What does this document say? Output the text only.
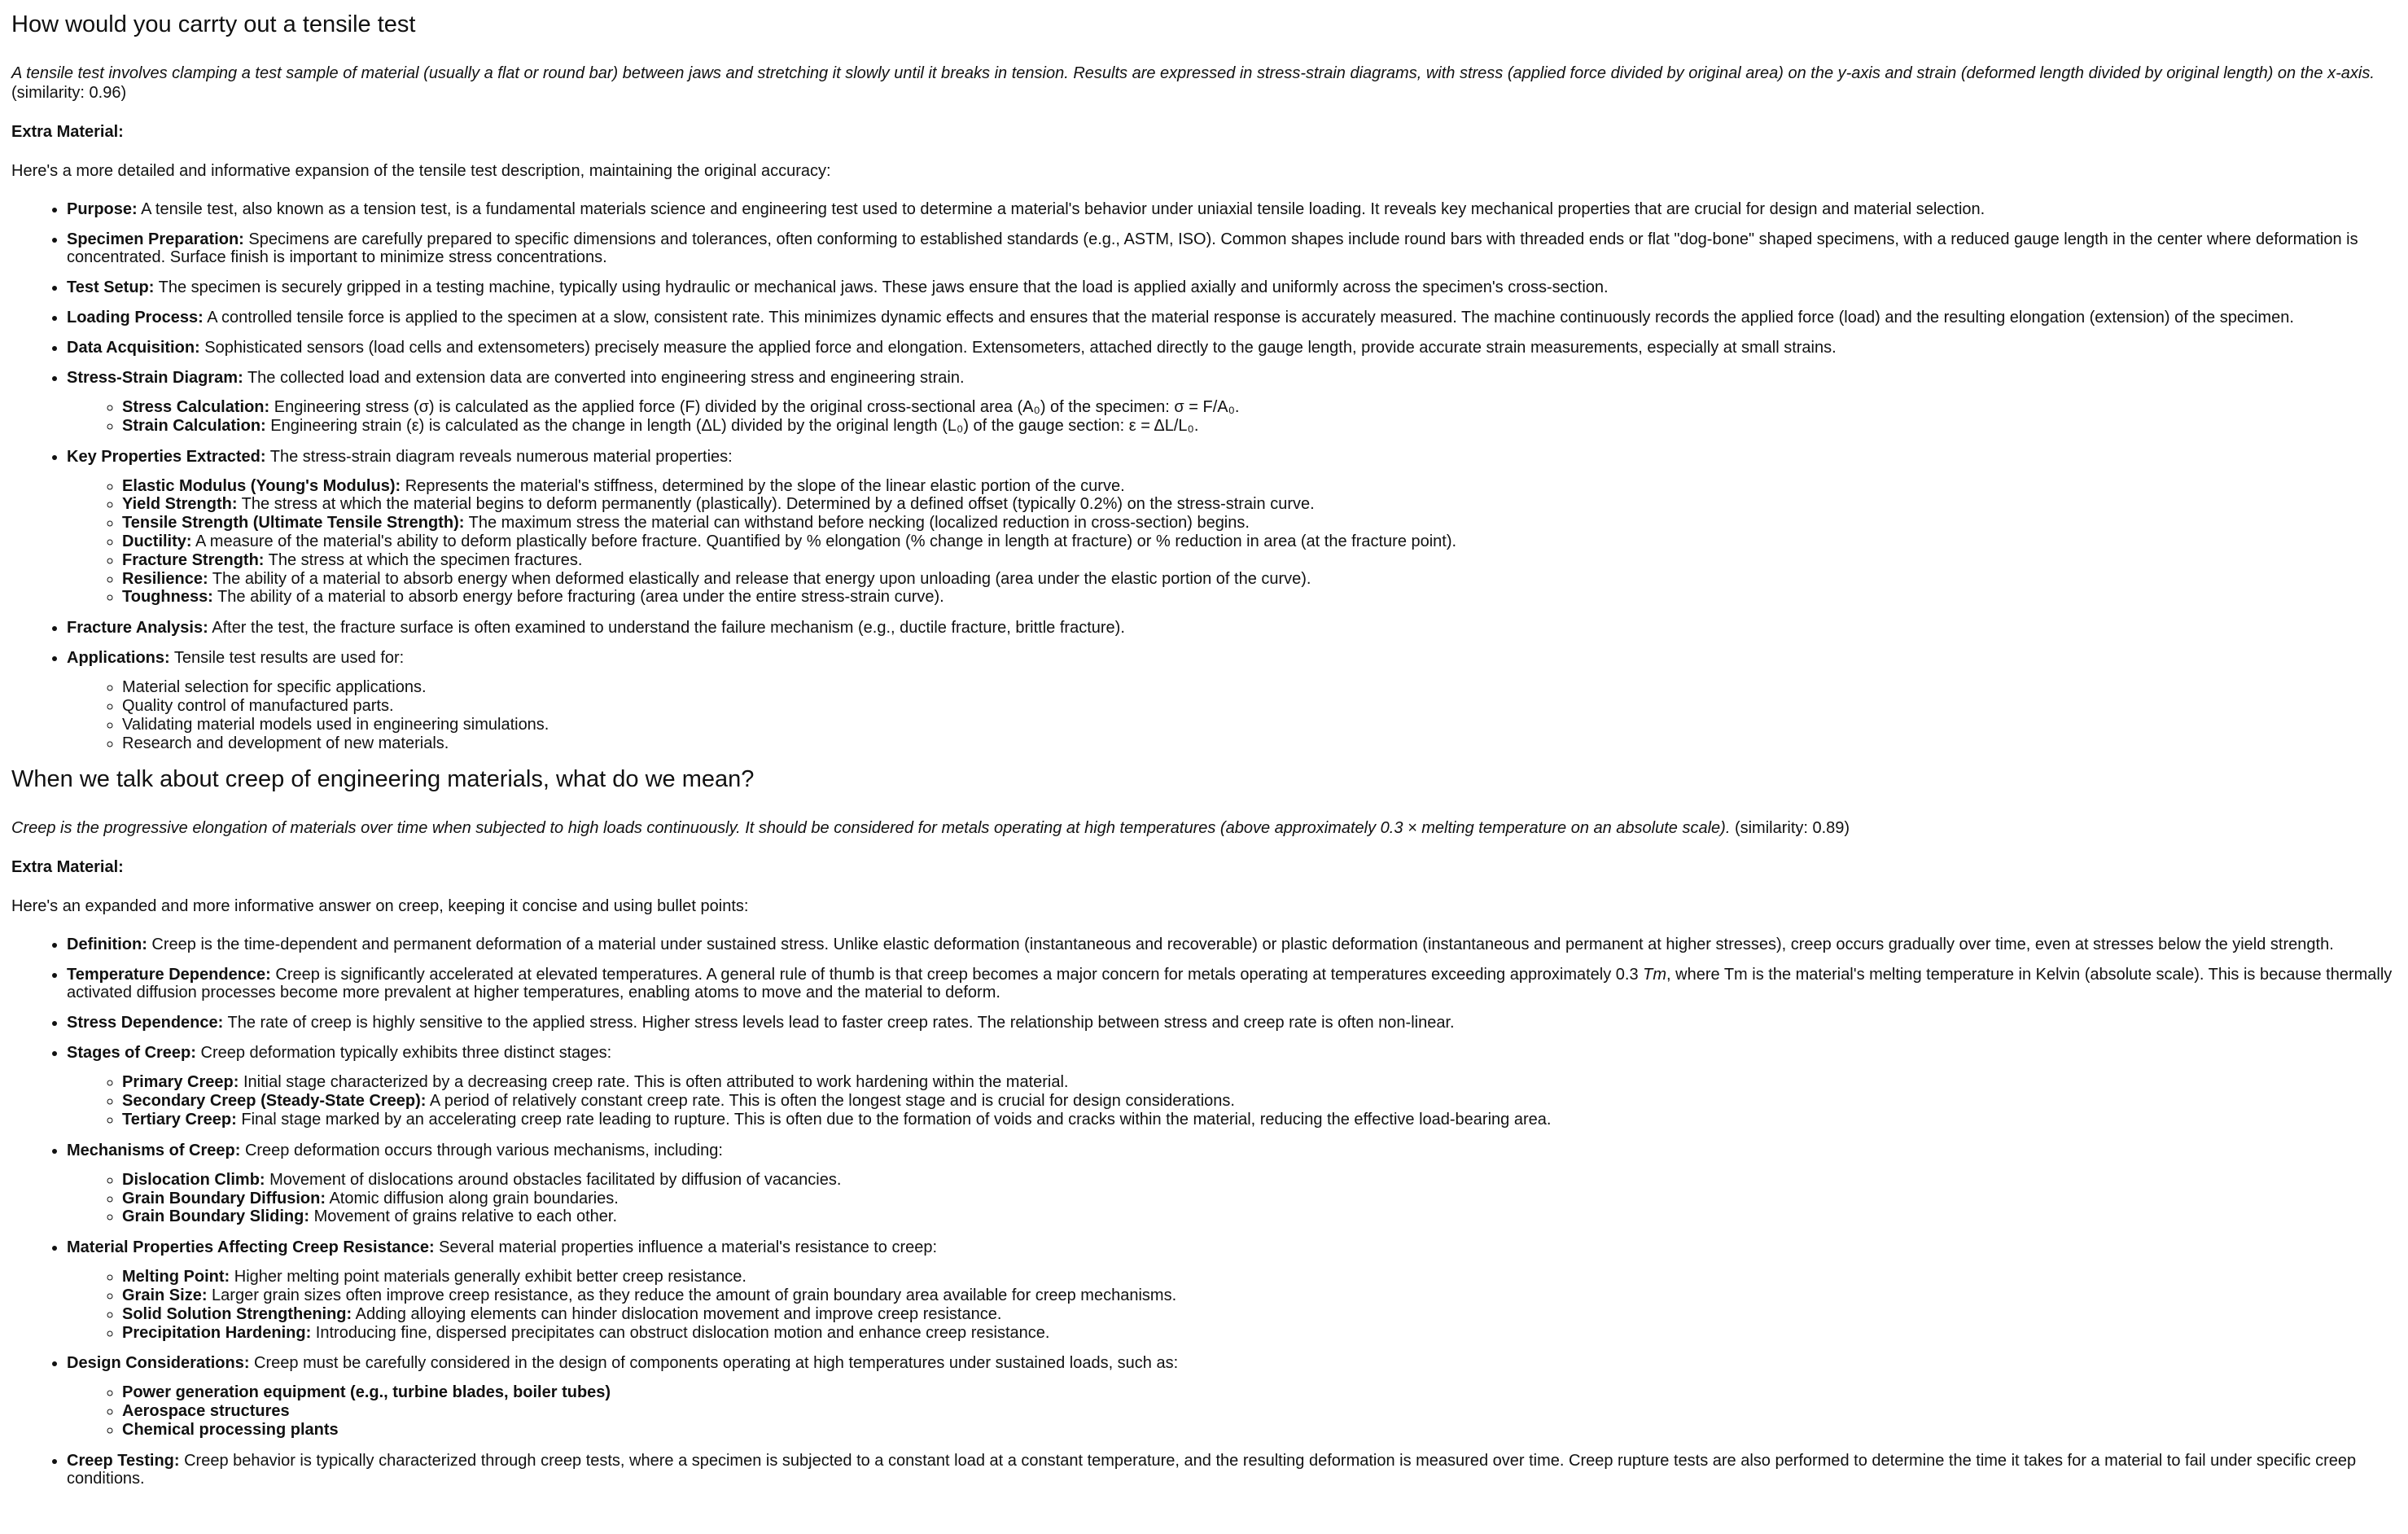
How would you carrty out a tensile test

A tensile test involves clamping a test sample of material (usually a flat or round bar) between jaws and stretching it slowly until it breaks in tension. Results are expressed in stress-strain diagrams, with stress (applied force divided by original area) on the y-axis and strain (deformed length divided by original length) on the x-axis. (similarity: 0.96)

Extra Material:

Here's a more detailed and informative expansion of the tensile test description, maintaining the original accuracy:

• Purpose: A tensile test, also known as a tension test, is a fundamental materials science and engineering test used to determine a material's behavior under uniaxial tensile loading. It reveals key mechanical properties that are crucial for design and material selection.
• Specimen Preparation: Specimens are carefully prepared to specific dimensions and tolerances, often conforming to established standards (e.g., ASTM, ISO). Common shapes include round bars with threaded ends or flat "dog-bone" shaped specimens, with a reduced gauge length in the center where deformation is concentrated. Surface finish is important to minimize stress concentrations.
• Test Setup: The specimen is securely gripped in a testing machine, typically using hydraulic or mechanical jaws. These jaws ensure that the load is applied axially and uniformly across the specimen's cross-section.
• Loading Process: A controlled tensile force is applied to the specimen at a slow, consistent rate. This minimizes dynamic effects and ensures that the material response is accurately measured. The machine continuously records the applied force (load) and the resulting elongation (extension) of the specimen.
• Data Acquisition: Sophisticated sensors (load cells and extensometers) precisely measure the applied force and elongation. Extensometers, attached directly to the gauge length, provide accurate strain measurements, especially at small strains.
• Stress-Strain Diagram: The collected load and extension data are converted into engineering stress and engineering strain.
◦ Stress Calculation: Engineering stress (σ) is calculated as the applied force (F) divided by the original cross-sectional area (A₀) of the specimen: σ = F/A₀.
◦ Strain Calculation: Engineering strain (ε) is calculated as the change in length (ΔL) divided by the original length (L₀) of the gauge section: ε = ΔL/L₀.
• Key Properties Extracted: The stress-strain diagram reveals numerous material properties:
◦ Elastic Modulus (Young's Modulus): Represents the material's stiffness, determined by the slope of the linear elastic portion of the curve.
◦ Yield Strength: The stress at which the material begins to deform permanently (plastically). Determined by a defined offset (typically 0.2%) on the stress-strain curve.
◦ Tensile Strength (Ultimate Tensile Strength): The maximum stress the material can withstand before necking (localized reduction in cross-section) begins.
◦ Ductility: A measure of the material's ability to deform plastically before fracture. Quantified by % elongation (% change in length at fracture) or % reduction in area (at the fracture point).
◦ Fracture Strength: The stress at which the specimen fractures.
◦ Resilience: The ability of a material to absorb energy when deformed elastically and release that energy upon unloading (area under the elastic portion of the curve).
◦ Toughness: The ability of a material to absorb energy before fracturing (area under the entire stress-strain curve).
• Fracture Analysis: After the test, the fracture surface is often examined to understand the failure mechanism (e.g., ductile fracture, brittle fracture).
• Applications: Tensile test results are used for:
◦ Material selection for specific applications.
◦ Quality control of manufactured parts.
◦ Validating material models used in engineering simulations.
◦ Research and development of new materials.
When we talk about creep of engineering materials, what do we mean?

Creep is the progressive elongation of materials over time when subjected to high loads continuously. It should be considered for metals operating at high temperatures (above approximately 0.3 × melting temperature on an absolute scale). (similarity: 0.89)

Extra Material:

Here's an expanded and more informative answer on creep, keeping it concise and using bullet points:

• Definition: Creep is the time-dependent and permanent deformation of a material under sustained stress. Unlike elastic deformation (instantaneous and recoverable) or plastic deformation (instantaneous and permanent at higher stresses), creep occurs gradually over time, even at stresses below the yield strength.
• Temperature Dependence: Creep is significantly accelerated at elevated temperatures. A general rule of thumb is that creep becomes a major concern for metals operating at temperatures exceeding approximately 0.3 Tm, where Tm is the material's melting temperature in Kelvin (absolute scale). This is because thermally activated diffusion processes become more prevalent at higher temperatures, enabling atoms to move and the material to deform.
• Stress Dependence: The rate of creep is highly sensitive to the applied stress. Higher stress levels lead to faster creep rates. The relationship between stress and creep rate is often non-linear.
• Stages of Creep: Creep deformation typically exhibits three distinct stages:
◦ Primary Creep: Initial stage characterized by a decreasing creep rate. This is often attributed to work hardening within the material.
◦ Secondary Creep (Steady-State Creep): A period of relatively constant creep rate. This is often the longest stage and is crucial for design considerations.
◦ Tertiary Creep: Final stage marked by an accelerating creep rate leading to rupture. This is often due to the formation of voids and cracks within the material, reducing the effective load-bearing area.
• Mechanisms of Creep: Creep deformation occurs through various mechanisms, including:
◦ Dislocation Climb: Movement of dislocations around obstacles facilitated by diffusion of vacancies.
◦ Grain Boundary Diffusion: Atomic diffusion along grain boundaries.
◦ Grain Boundary Sliding: Movement of grains relative to each other.
• Material Properties Affecting Creep Resistance: Several material properties influence a material's resistance to creep:
◦ Melting Point: Higher melting point materials generally exhibit better creep resistance.
◦ Grain Size: Larger grain sizes often improve creep resistance, as they reduce the amount of grain boundary area available for creep mechanisms.
◦ Solid Solution Strengthening: Adding alloying elements can hinder dislocation movement and improve creep resistance.
◦ Precipitation Hardening: Introducing fine, dispersed precipitates can obstruct dislocation motion and enhance creep resistance.
• Design Considerations: Creep must be carefully considered in the design of components operating at high temperatures under sustained loads, such as:
◦ Power generation equipment (e.g., turbine blades, boiler tubes)
◦ Aerospace structures
◦ Chemical processing plants
• Creep Testing: Creep behavior is typically characterized through creep tests, where a specimen is subjected to a constant load at a constant temperature, and the resulting deformation is measured over time. Creep rupture tests are also performed to determine the time it takes for a material to fail under specific creep conditions.
